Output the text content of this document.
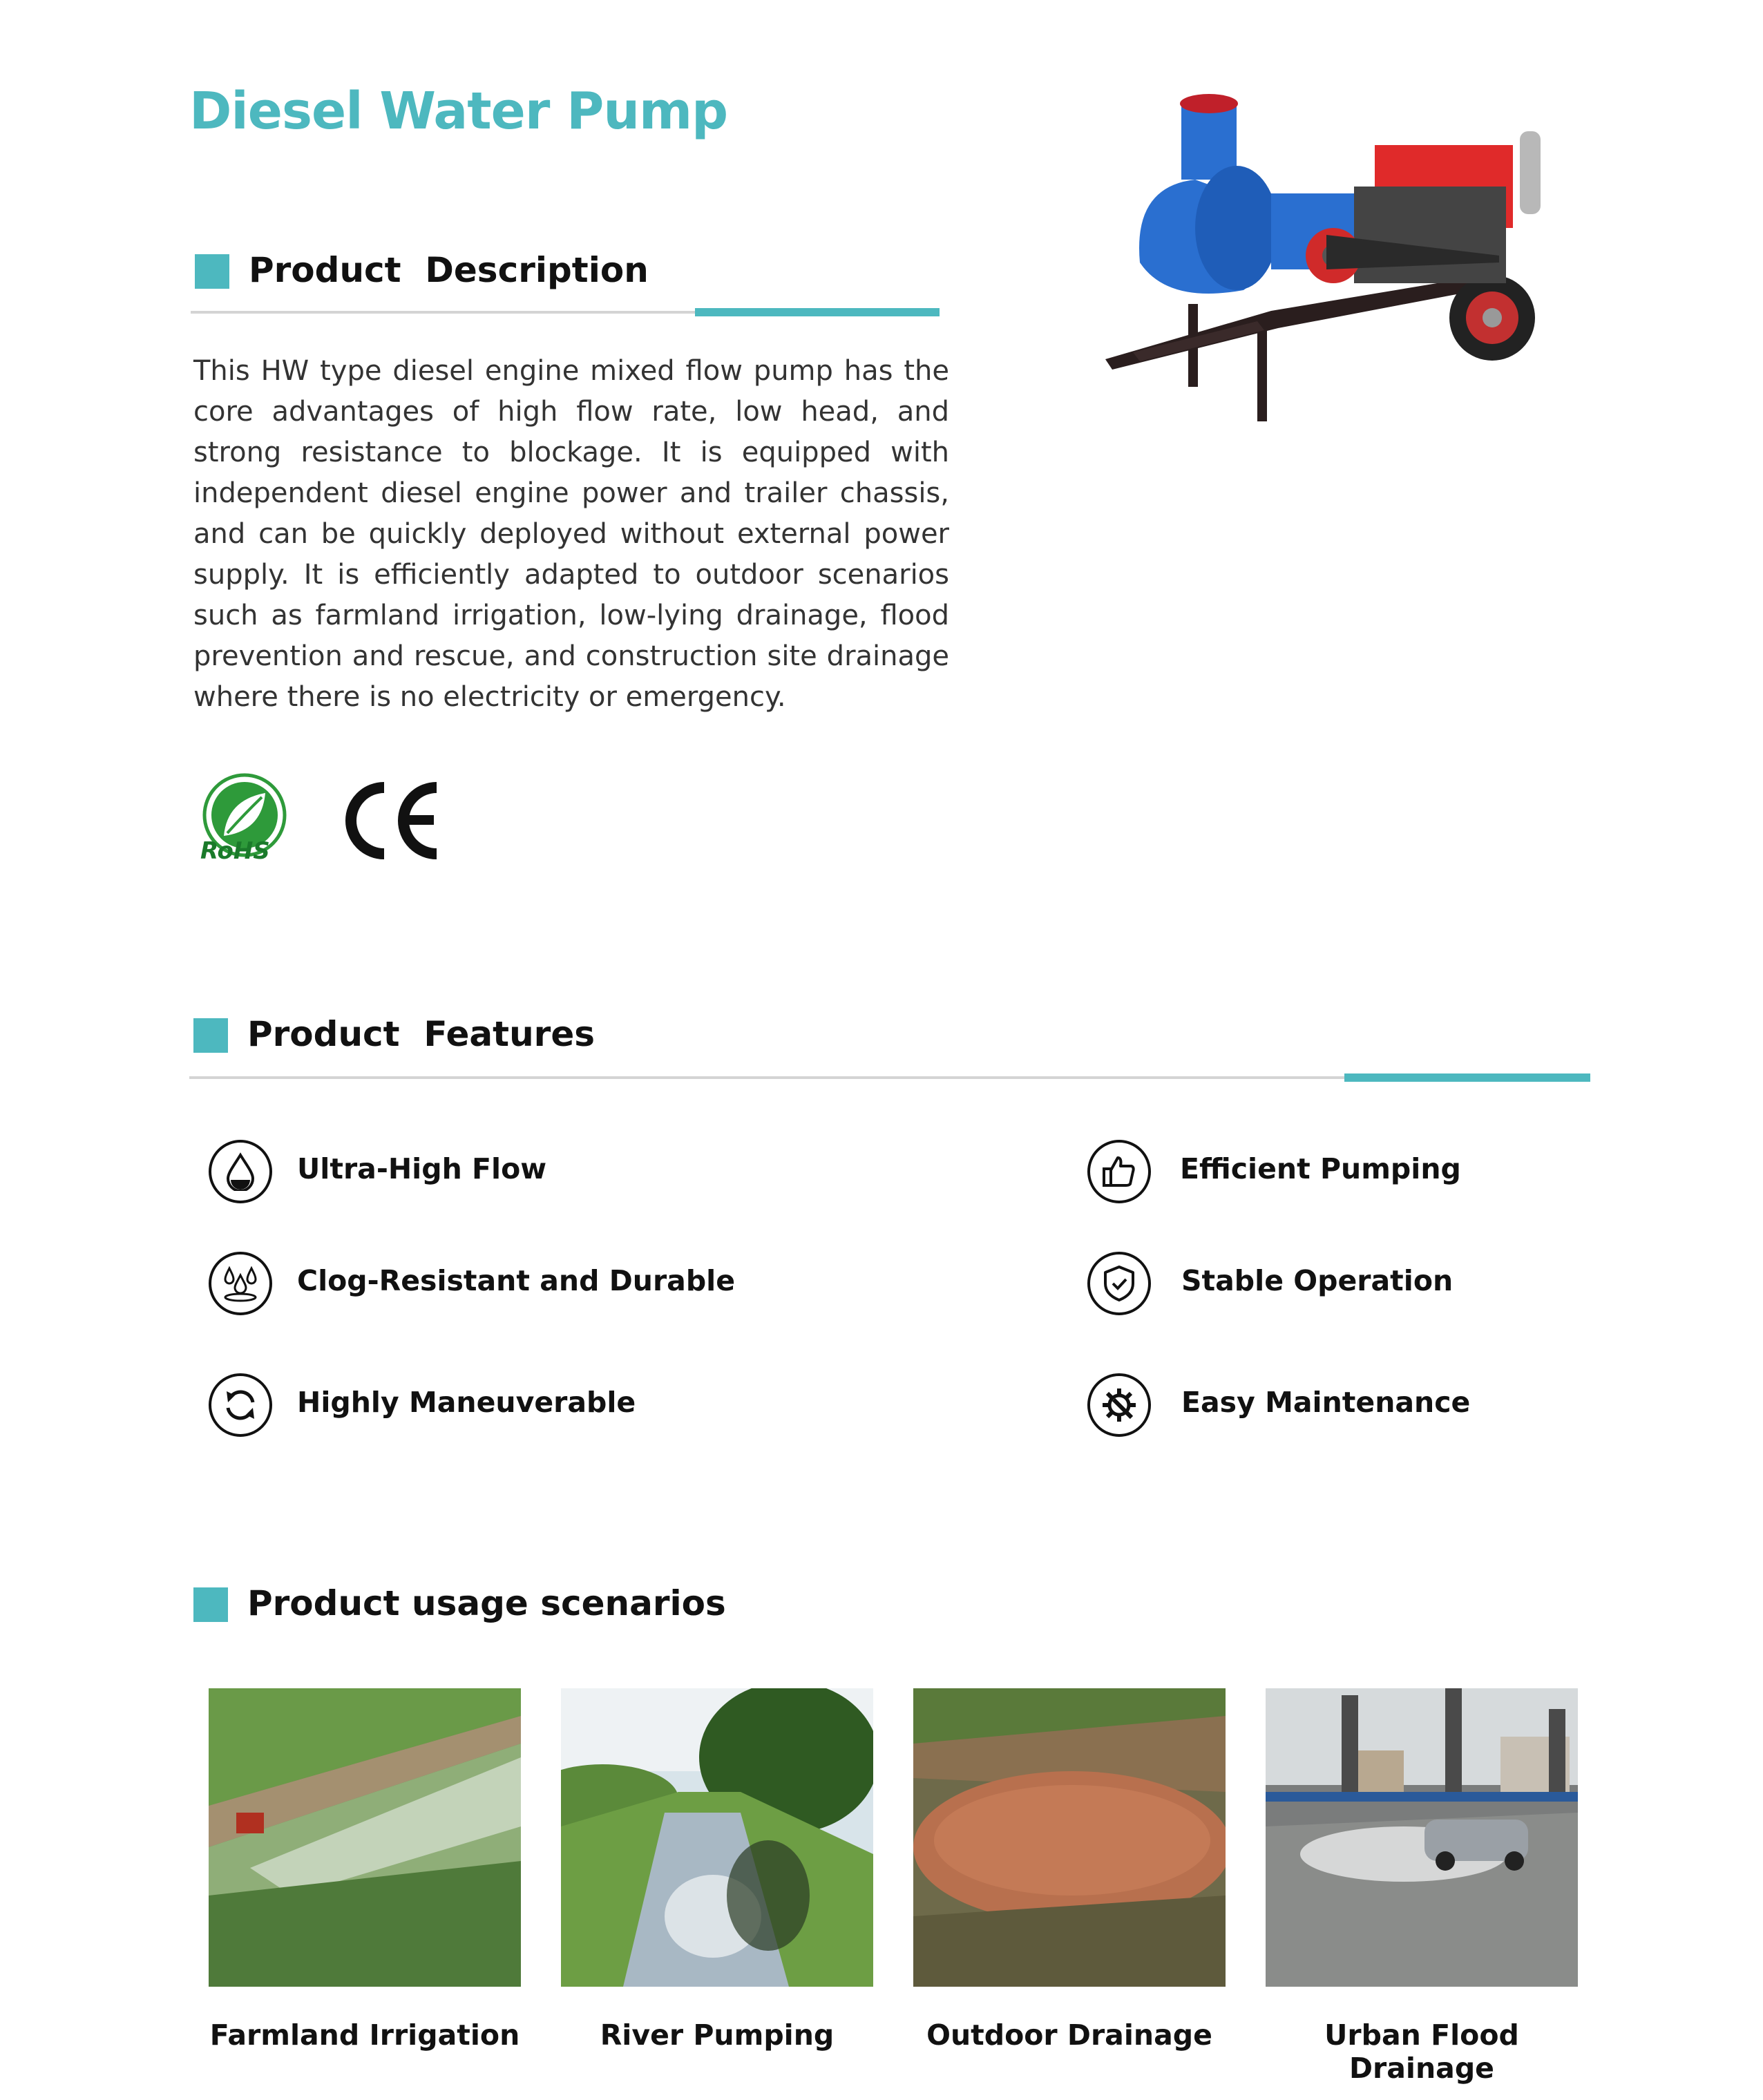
Diesel Water Pump
Product  Description
This HW type diesel engine mixed flow pump has the core advantages of high flow rate, low head, and strong resistance to blockage. It is equipped with independent diesel engine power and trailer chassis, and can be quickly deployed without external power supply. It is efficiently adapted to outdoor scenarios such as farmland irrigation, low-lying drainage, flood prevention and rescue, and construction site drainage where there is no electricity or emergency.
RoHS
Product  Features
Ultra-High Flow	Efficient Pumping
Clog-Resistant and Durable	Stable Operation
Highly Maneuverable	Easy Maintenance
Product usage scenarios
Farmland Irrigation	River Pumping	Outdoor Drainage	Urban Flood Drainage
